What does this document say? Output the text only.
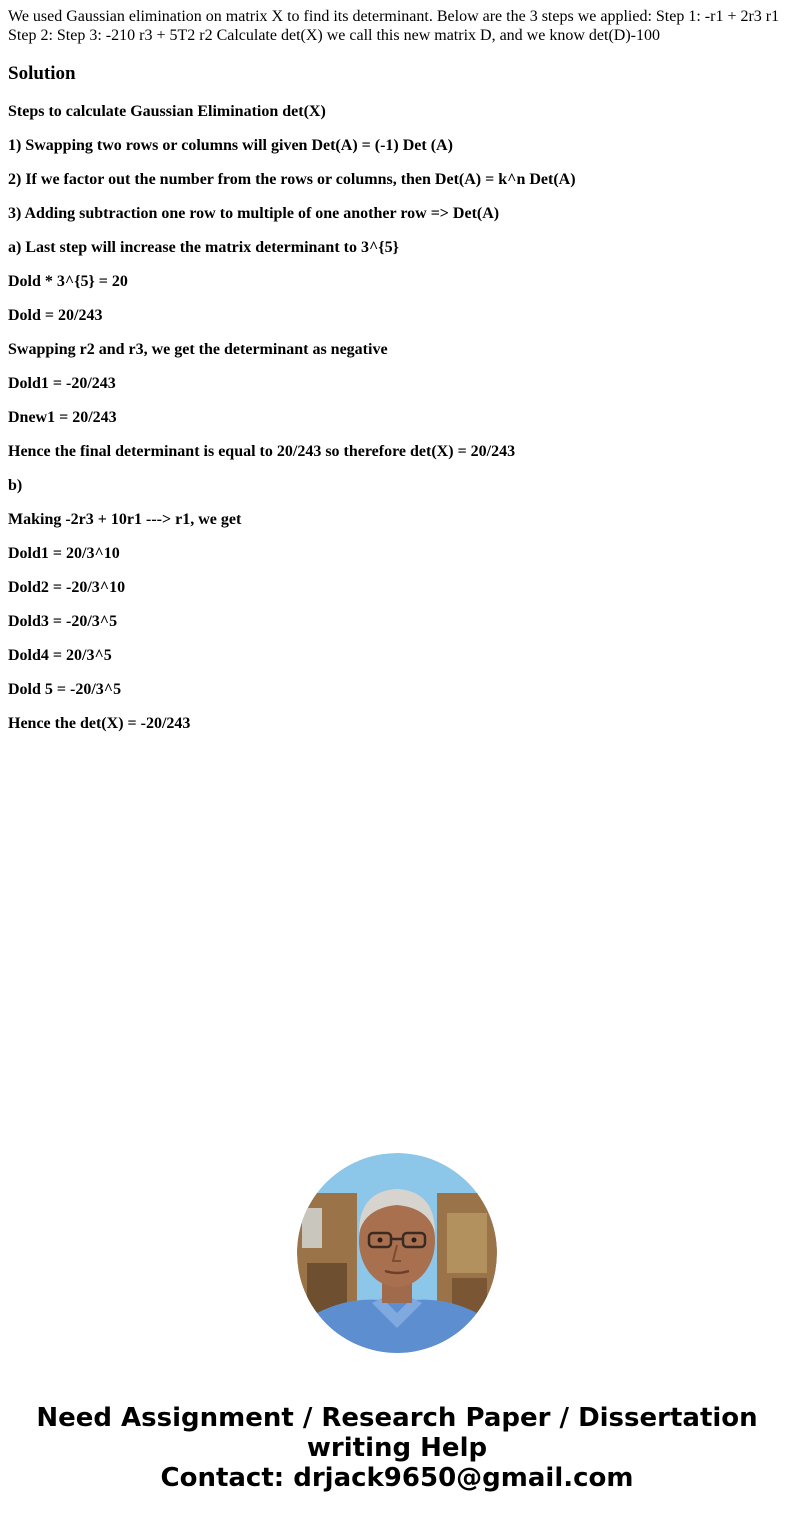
We used Gaussian elimination on matrix X to find its determinant. Below are the 3 steps we applied: Step 1: -r1 + 2r3 r1 Step 2: Step 3: -210 r3 + 5T2 r2 Calculate det(X) we call this new matrix D, and we know det(D)-100
Solution
Steps to calculate Gaussian Elimination det(X)
1) Swapping two rows or columns will given Det(A) = (-1) Det (A)
2) If we factor out the number from the rows or columns, then Det(A) = k^n Det(A)
3) Adding subtraction one row to multiple of one another row => Det(A)
a) Last step will increase the matrix determinant to 3^{5}
Dold * 3^{5} = 20
Dold = 20/243
Swapping r2 and r3, we get the determinant as negative
Dold1 = -20/243
Dnew1 = 20/243
Hence the final determinant is equal to 20/243 so therefore det(X) = 20/243
b)
Making -2r3 + 10r1 ---> r1, we get
Dold1 = 20/3^10
Dold2 = -20/3^10
Dold3 = -20/3^5
Dold4 = 20/3^5
Dold 5 = -20/3^5
Hence the det(X) = -20/243
Need Assignment / Research Paper / Dissertation
writing Help
Contact: drjack9650@gmail.com
